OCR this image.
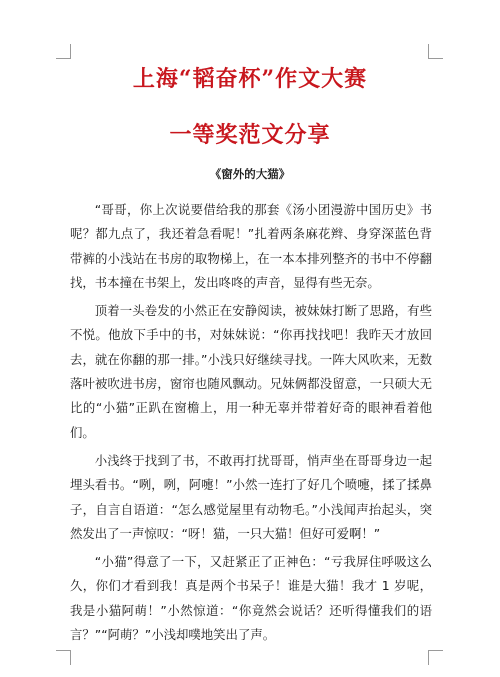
上海“韬奋杯”作文大赛
一等奖范文分享
《窗外的大猫》

“哥哥，你上次说要借给我的那套《汤小团漫游中国历史》书呢？都九点了，我还着急看呢！”扎着两条麻花辫、身穿深蓝色背带裤的小浅站在书房的取物梯上，在一本本排列整齐的书中不停翻找，书本撞在书架上，发出咚咚的声音，显得有些无奈。

顶着一头卷发的小然正在安静阅读，被妹妹打断了思路，有些不悦。他放下手中的书，对妹妹说：“你再找找吧！我昨天才放回去，就在你翻的那一排。”小浅只好继续寻找。一阵大风吹来，无数落叶被吹进书房，窗帘也随风飘动。兄妹俩都没留意，一只硕大无比的“小猫”正趴在窗檐上，用一种无辜并带着好奇的眼神看着他们。

小浅终于找到了书，不敢再打扰哥哥，悄声坐在哥哥身边一起埋头看书。“咧，咧，阿嚏！”小然一连打了好几个喷嚏，揉了揉鼻子，自言自语道：“怎么感觉屋里有动物毛。”小浅闻声抬起头，突然发出了一声惊叹：“呀！猫，一只大猫！但好可爱啊！”

“小猫”得意了一下，又赶紧正了正神色：“亏我屏住呼吸这么久，你们才看到我！真是两个书呆子！谁是大猫！我才 1 岁呢，我是小猫阿萌！”小然惊道：“你竟然会说话？还听得懂我们的语言？”“阿萌？”小浅却噗地笑出了声。
